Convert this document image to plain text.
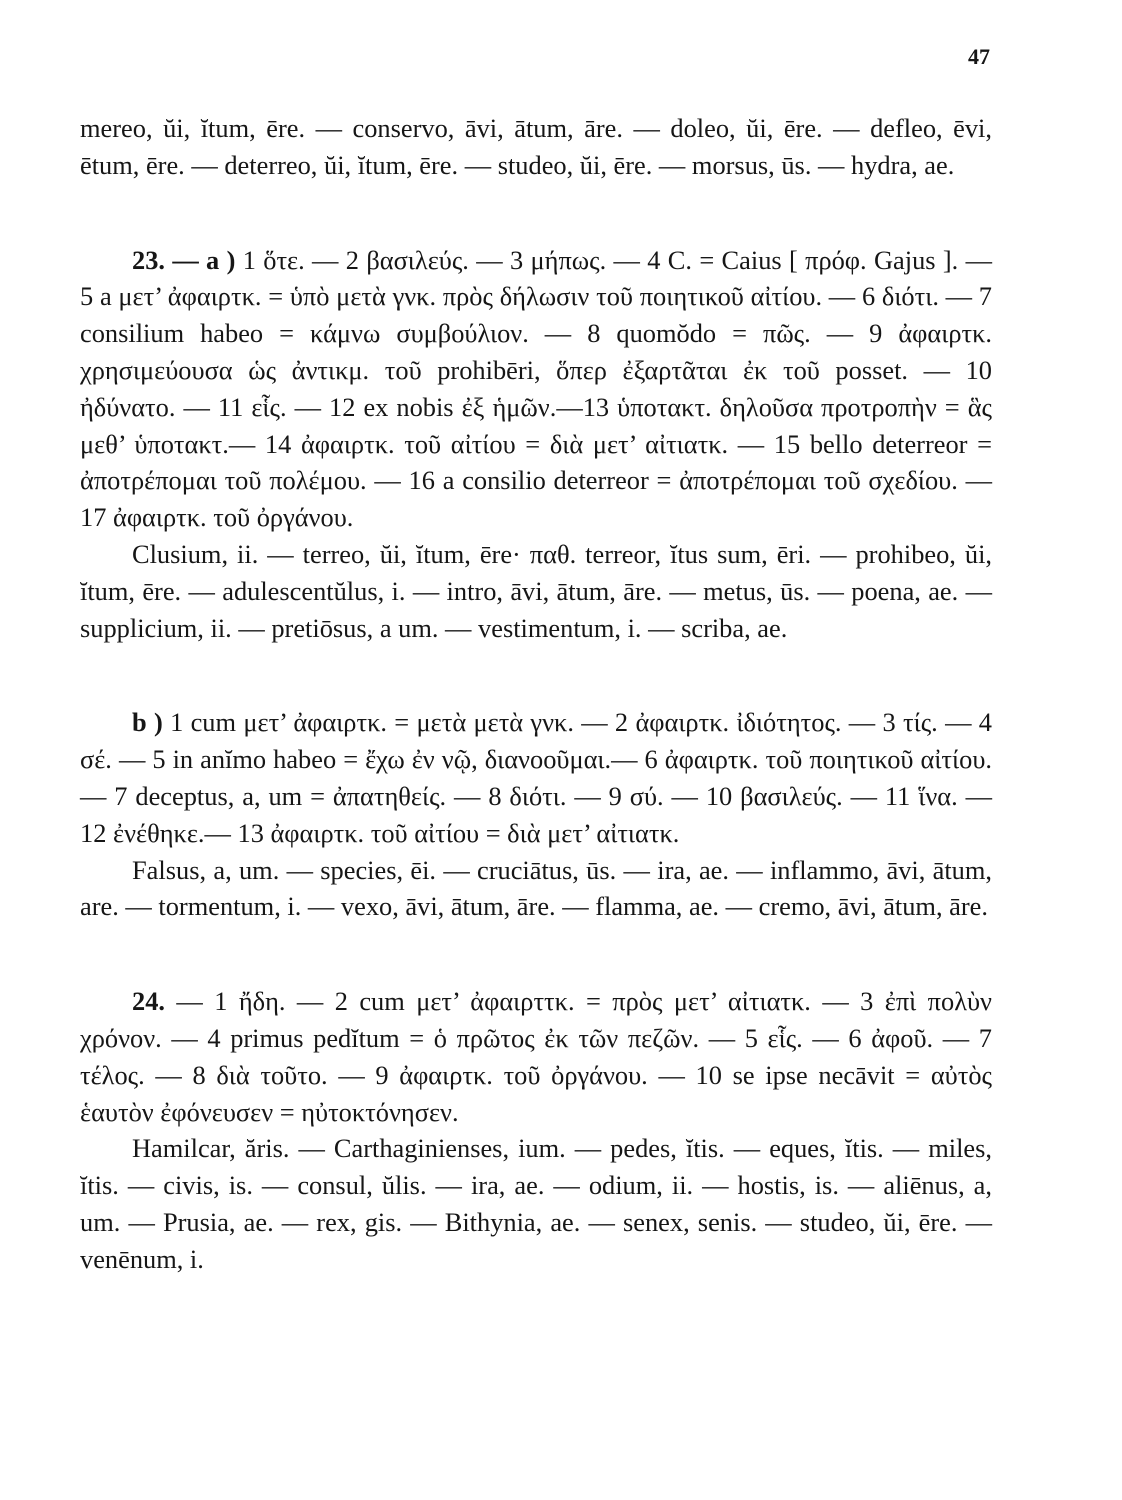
47

mereo, ŭi, ĭtum, ēre. — conservo, āvi, ātum, āre. — doleo, ŭi, ēre. — defleo, ēvi, ētum, ēre. — deterreo, ŭi, ĭtum, ēre. — studeo, ŭi, ēre. — morsus, ūs. — hydra, ae.

23. — a ) 1 ὅτε. — 2 βασιλεύς. — 3 μήπως. — 4 C. = Caius [ πρόφ. Gajus ]. — 5 a μετ’ ἀφαιρτκ. = ὑπὸ μετὰ γνκ. πρὸς δήλωσιν τοῦ ποιητικοῦ αἰτίου. — 6 διότι. — 7 consilium habeo = κάμνω συμβούλιον. — 8 quomŏdo = πῶς. — 9 ἀφαιρτκ. χρησιμεύουσα ὡς ἀντικμ. τοῦ prohibēri, ὅπερ ἐξαρτᾶται ἐκ τοῦ posset. — 10 ἠδύνατο. — 11 εἷς. — 12 ex nobis ἐξ ἡμῶν.—13 ὑποτακτ. δηλοῦσα προτροπὴν = ἃς μεθ’ ὑποτακτ.— 14 ἀφαιρτκ. τοῦ αἰτίου = διὰ μετ’ αἰτιατκ. — 15 bello deterreor = ἀποτρέπομαι τοῦ πολέμου. — 16 a consilio deterreor = ἀποτρέπομαι τοῦ σχεδίου. — 17 ἀφαιρτκ. τοῦ ὀργάνου.

Clusium, ii. — terreo, ŭi, ĭtum, ēre· παθ. terreor, ĭtus sum, ēri. — prohibeo, ŭi, ĭtum, ēre. — adulescentŭlus, i. — intro, āvi, ātum, āre. — metus, ūs. — poena, ae. — supplicium, ii. — pretiōsus, a um. — vestimentum, i. — scriba, ae.

b ) 1 cum μετ’ ἀφαιρτκ. = μετὰ μετὰ γνκ. — 2 ἀφαιρτκ. ἰδιότητος. — 3 τίς. — 4 σέ. — 5 in anĭmo habeo = ἔχω ἐν νῷ, διανοοῦμαι.— 6 ἀφαιρτκ. τοῦ ποιητικοῦ αἰτίου. — 7 deceptus, a, um = ἀπατηθείς. — 8 διότι. — 9 σύ. — 10 βασιλεύς. — 11 ἵνα. — 12 ἐνέθηκε.— 13 ἀφαιρτκ. τοῦ αἰτίου = διὰ μετ’ αἰτιατκ.

Falsus, a, um. — species, ēi. — cruciātus, ūs. — ira, ae. — inflammo, āvi, ātum, are. — tormentum, i. — vexo, āvi, ātum, āre. — flamma, ae. — cremo, āvi, ātum, āre.

24. — 1 ἤδη. — 2 cum μετ’ ἀφαιρττκ. = πρὸς μετ’ αἰτιατκ. — 3 ἐπὶ πολὺν χρόνον. — 4 primus pedĭtum = ὁ πρῶτος ἐκ τῶν πεζῶν. — 5 εἷς. — 6 ἀφοῦ. — 7 τέλος. — 8 διὰ τοῦτο. — 9 ἀφαιρτκ. τοῦ ὀργάνου. — 10 se ipse necāvit = αὐτὸς ἑαυτὸν ἐφόνευσεν = ηὐτοκτόνησεν.

Hamilcar, ăris. — Carthaginienses, ium. — pedes, ĭtis. — eques, ĭtis. — miles, ĭtis. — civis, is. — consul, ŭlis. — ira, ae. — odium, ii. — hostis, is. — aliēnus, a, um. — Prusia, ae. — rex, gis. — Bithynia, ae. — senex, senis. — studeo, ŭi, ēre. — venēnum, i.
